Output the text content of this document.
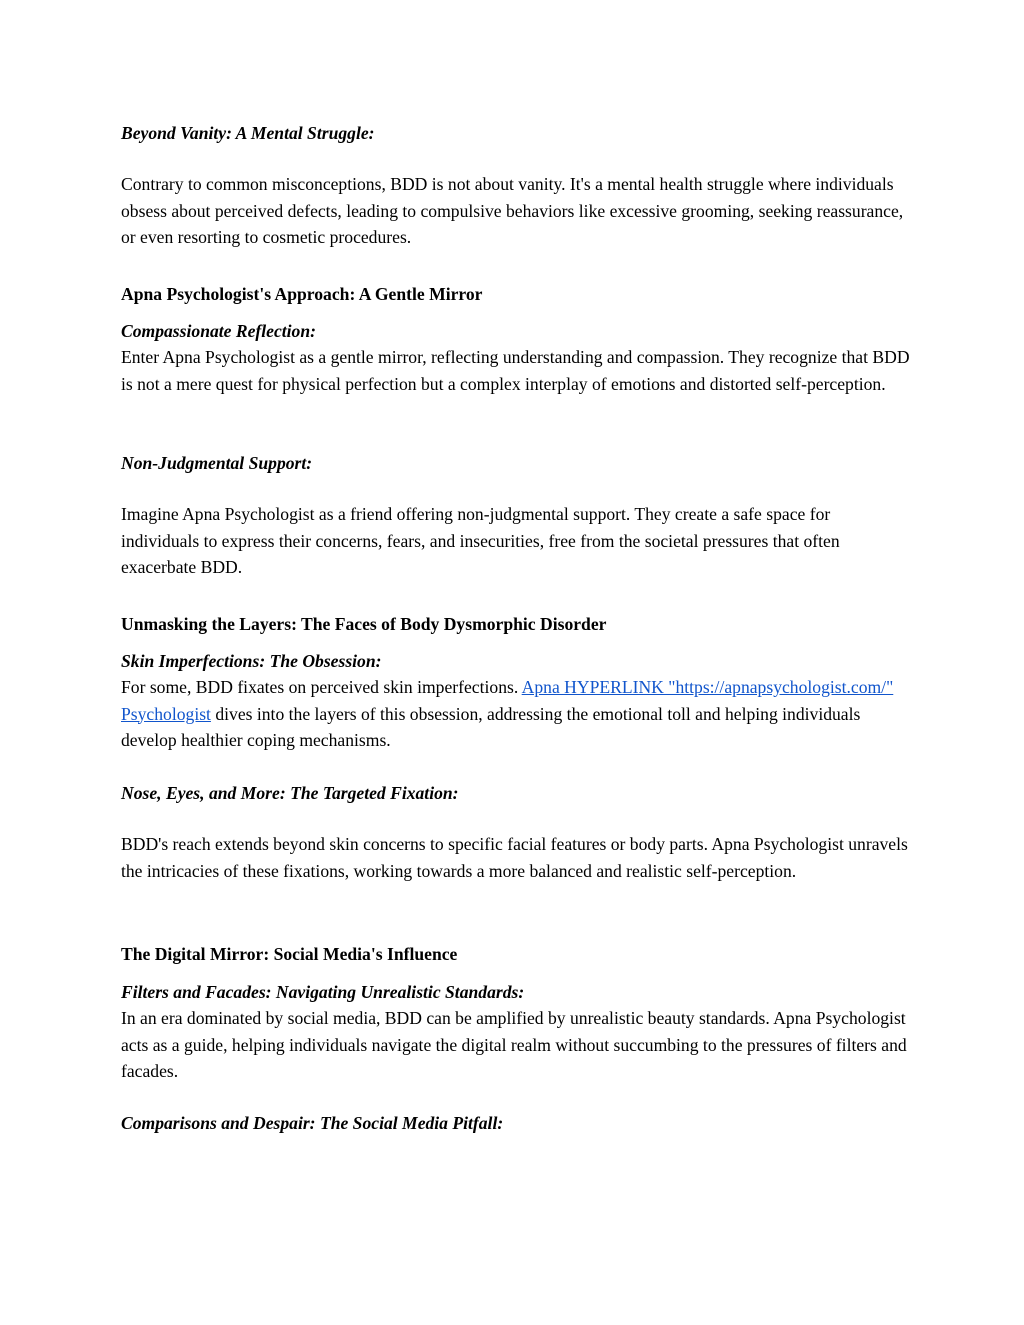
Beyond Vanity: A Mental Struggle:

Contrary to common misconceptions, BDD is not about vanity. It's a mental health struggle where individuals obsess about perceived defects, leading to compulsive behaviors like excessive grooming, seeking reassurance, or even resorting to cosmetic procedures.

Apna Psychologist's Approach: A Gentle Mirror

Compassionate Reflection:

Enter Apna Psychologist as a gentle mirror, reflecting understanding and compassion. They recognize that BDD is not a mere quest for physical perfection but a complex interplay of emotions and distorted self-perception.

Non-Judgmental Support:

Imagine Apna Psychologist as a friend offering non-judgmental support. They create a safe space for individuals to express their concerns, fears, and insecurities, free from the societal pressures that often exacerbate BDD.

Unmasking the Layers: The Faces of Body Dysmorphic Disorder

Skin Imperfections: The Obsession:

For some, BDD fixates on perceived skin imperfections. Apna HYPERLINK "https://apnapsychologist.com/" Psychologist dives into the layers of this obsession, addressing the emotional toll and helping individuals develop healthier coping mechanisms.

Nose, Eyes, and More: The Targeted Fixation:

BDD's reach extends beyond skin concerns to specific facial features or body parts. Apna Psychologist unravels the intricacies of these fixations, working towards a more balanced and realistic self-perception.

The Digital Mirror: Social Media's Influence

Filters and Facades: Navigating Unrealistic Standards:

In an era dominated by social media, BDD can be amplified by unrealistic beauty standards. Apna Psychologist acts as a guide, helping individuals navigate the digital realm without succumbing to the pressures of filters and facades.

Comparisons and Despair: The Social Media Pitfall:
